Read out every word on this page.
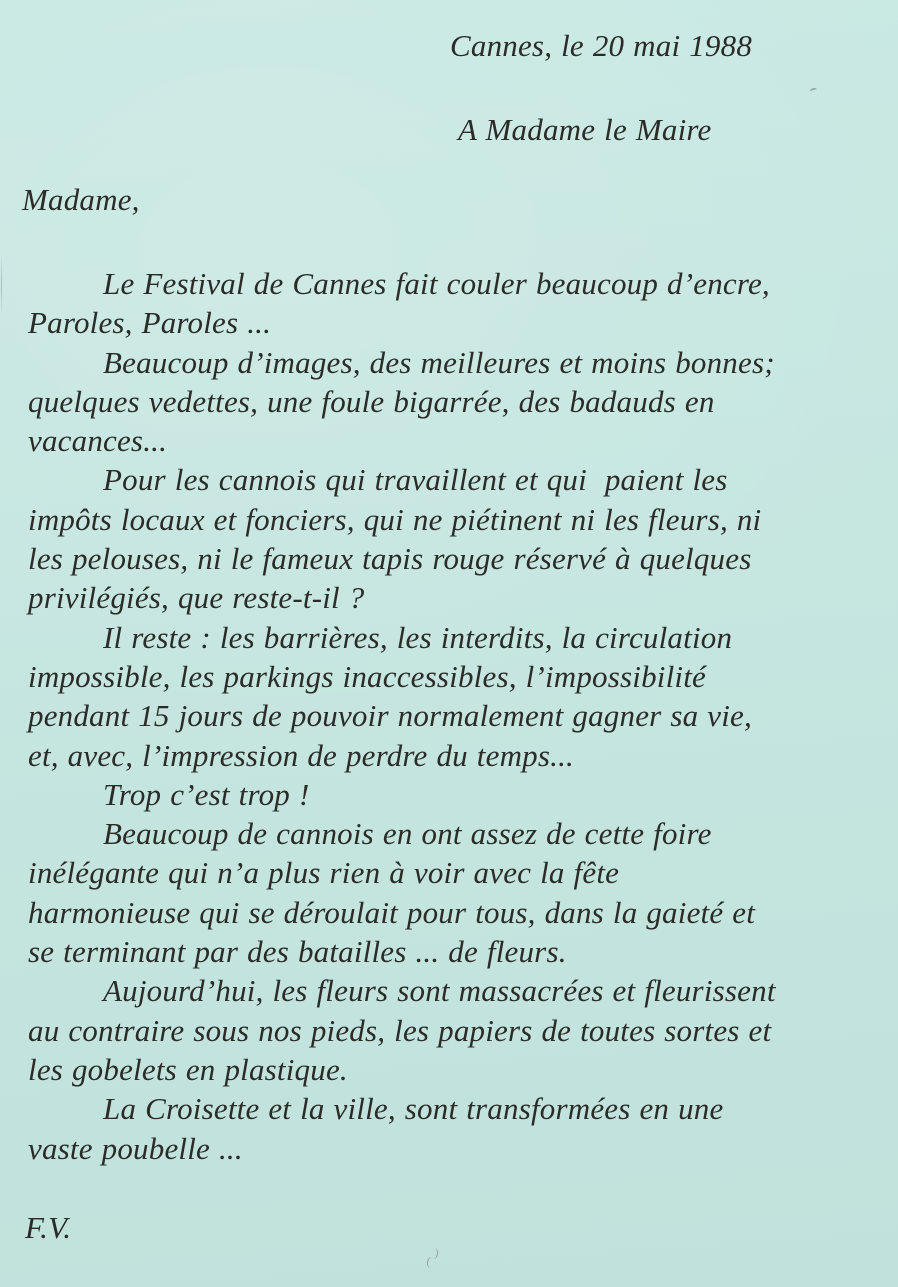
Cannes, le 20 mai 1988
A Madame le Maire
Madame,
Le Festival de Cannes fait couler beaucoup d’encre,
Paroles, Paroles ...
Beaucoup d’images, des meilleures et moins bonnes;
quelques vedettes, une foule bigarrée, des badauds en
vacances...
Pour les cannois qui travaillent et qui  paient les
impôts locaux et fonciers, qui ne piétinent ni les fleurs, ni
les pelouses, ni le fameux tapis rouge réservé à quelques
privilégiés, que reste-t-il ?
Il reste : les barrières, les interdits, la circulation
impossible, les parkings inaccessibles, l’impossibilité
pendant 15 jours de pouvoir normalement gagner sa vie,
et, avec, l’impression de perdre du temps...
Trop c’est trop !
Beaucoup de cannois en ont assez de cette foire
inélégante qui n’a plus rien à voir avec la fête
harmonieuse qui se déroulait pour tous, dans la gaieté et
se terminant par des batailles ... de fleurs.
Aujourd’hui, les fleurs sont massacrées et fleurissent
au contraire sous nos pieds, les papiers de toutes sortes et
les gobelets en plastique.
La Croisette et la ville, sont transformées en une
vaste poubelle ...
F.V.
